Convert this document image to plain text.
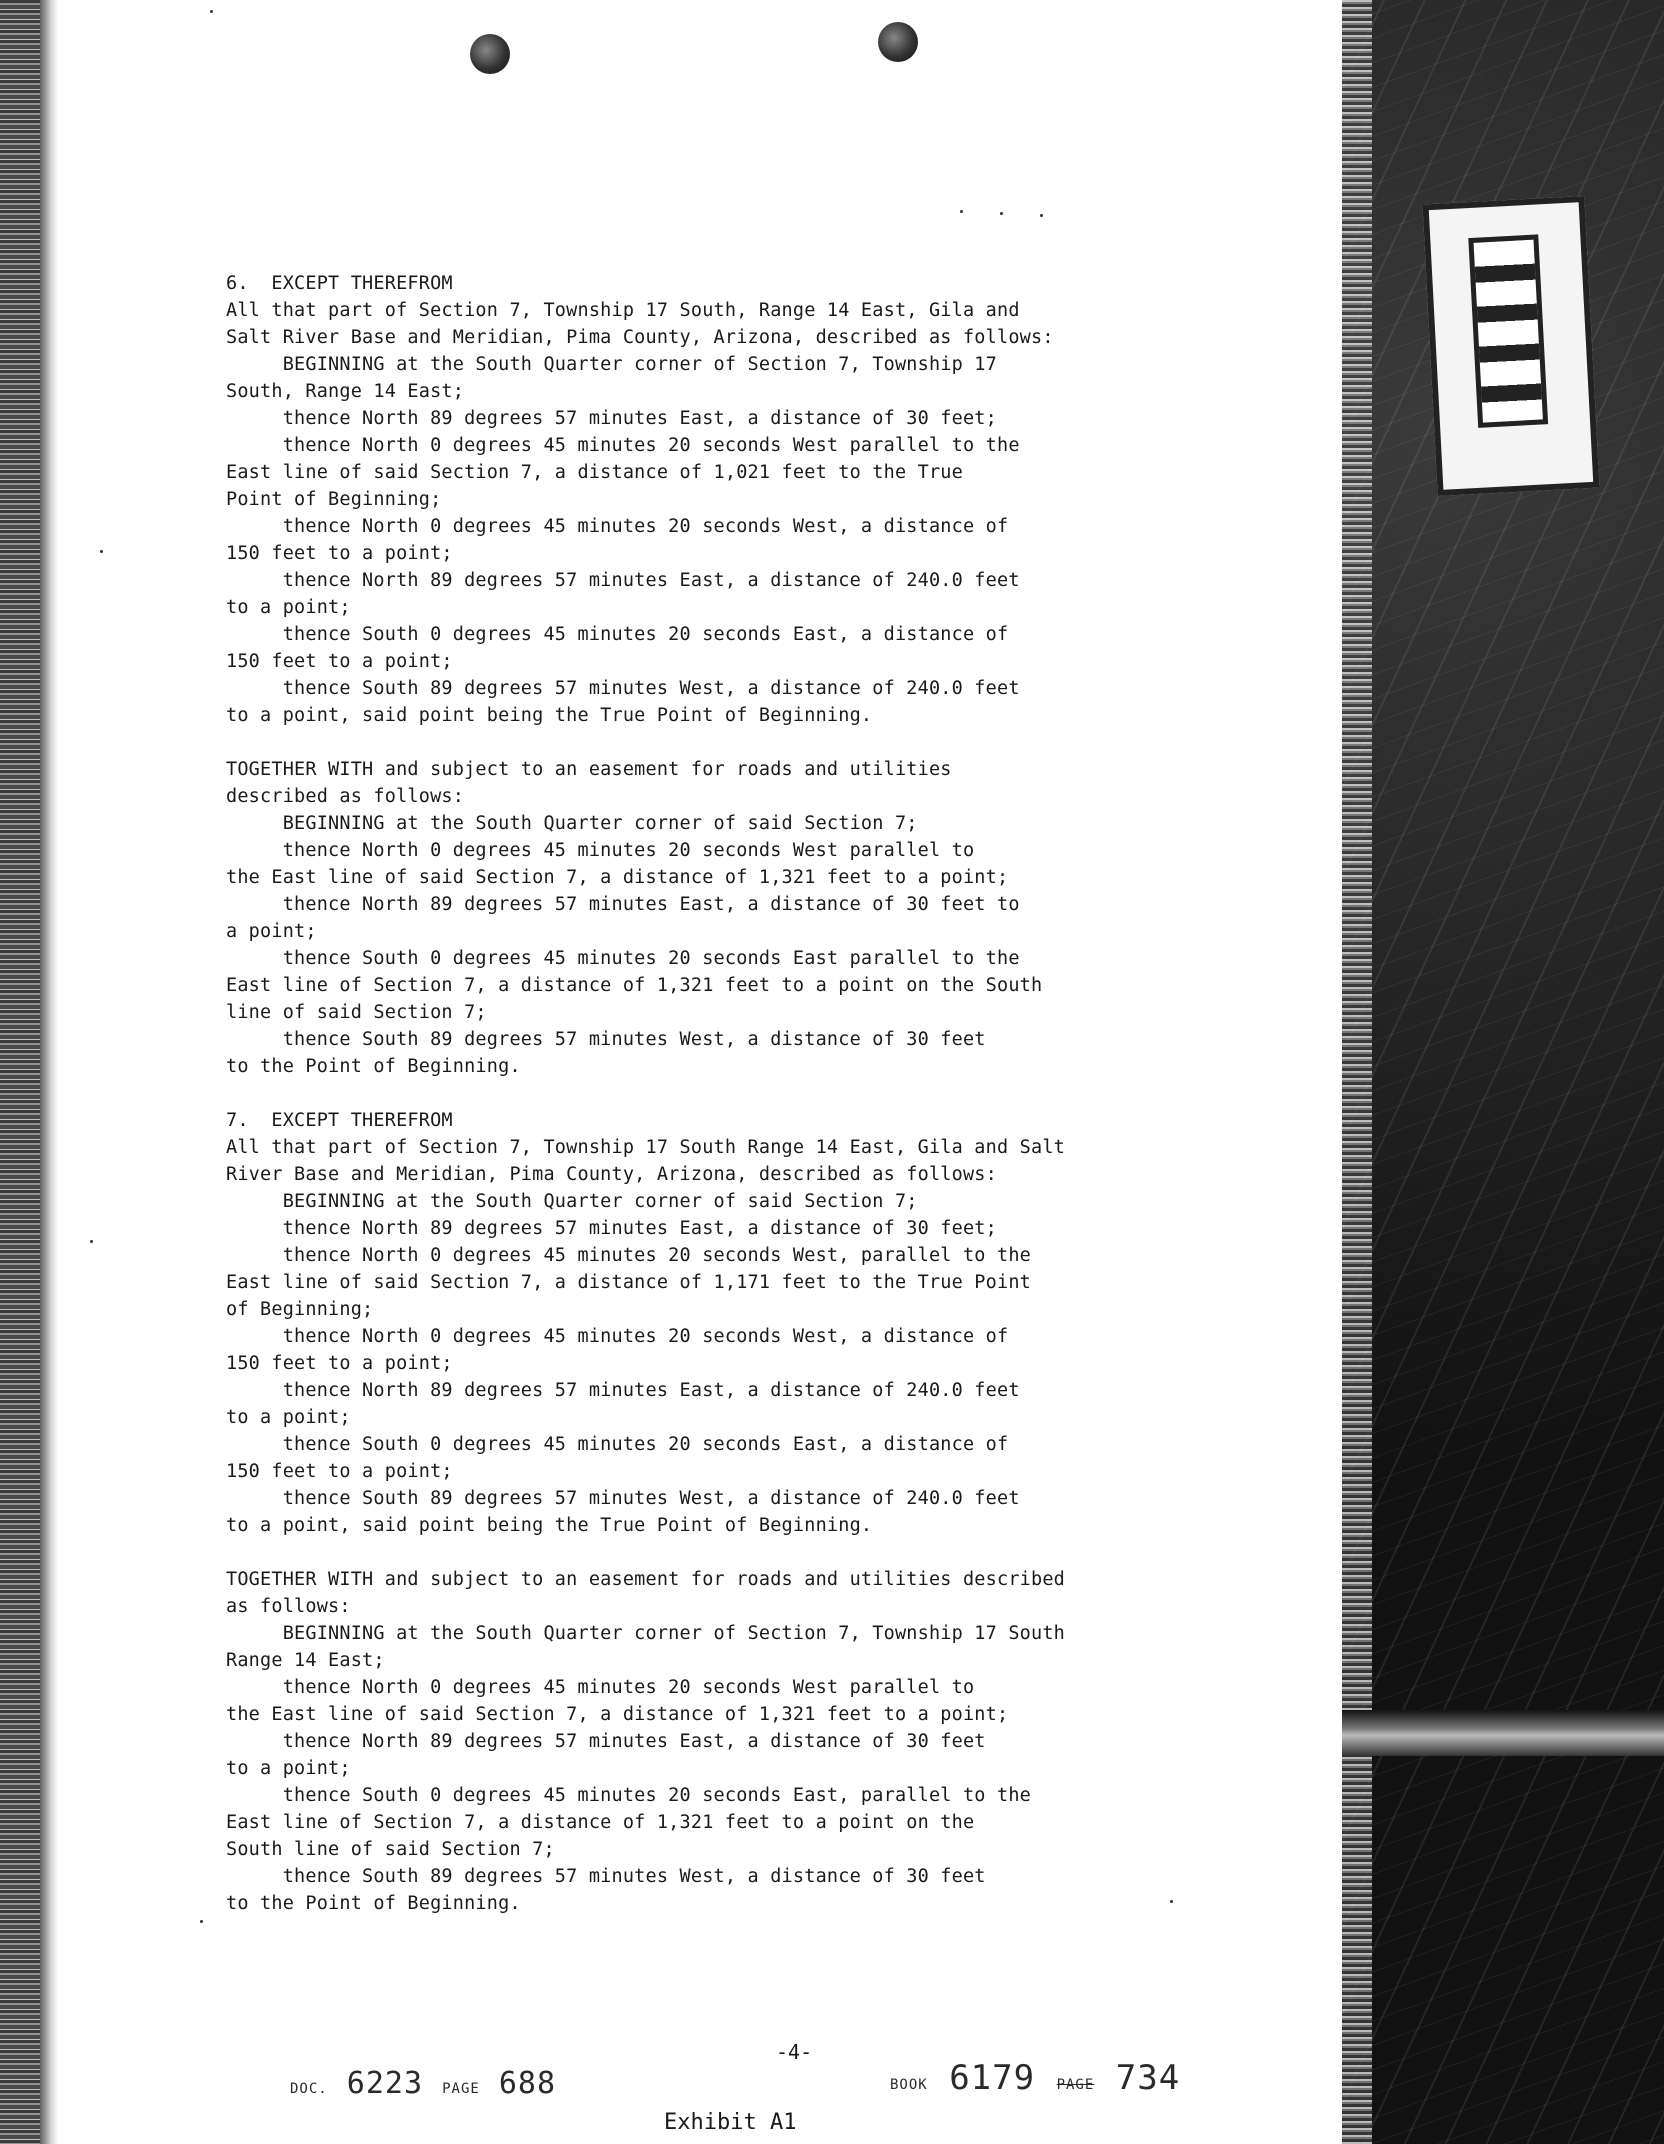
6.  EXCEPT THEREFROM
All that part of Section 7, Township 17 South, Range 14 East, Gila and
Salt River Base and Meridian, Pima County, Arizona, described as follows:
BEGINNING at the South Quarter corner of Section 7, Township 17
South, Range 14 East;
thence North 89 degrees 57 minutes East, a distance of 30 feet;
thence North 0 degrees 45 minutes 20 seconds West parallel to the
East line of said Section 7, a distance of 1,021 feet to the True
Point of Beginning;
thence North 0 degrees 45 minutes 20 seconds West, a distance of
150 feet to a point;
thence North 89 degrees 57 minutes East, a distance of 240.0 feet
to a point;
thence South 0 degrees 45 minutes 20 seconds East, a distance of
150 feet to a point;
thence South 89 degrees 57 minutes West, a distance of 240.0 feet
to a point, said point being the True Point of Beginning.
TOGETHER WITH and subject to an easement for roads and utilities
described as follows:
BEGINNING at the South Quarter corner of said Section 7;
thence North 0 degrees 45 minutes 20 seconds West parallel to
the East line of said Section 7, a distance of 1,321 feet to a point;
thence North 89 degrees 57 minutes East, a distance of 30 feet to
a point;
thence South 0 degrees 45 minutes 20 seconds East parallel to the
East line of Section 7, a distance of 1,321 feet to a point on the South
line of said Section 7;
thence South 89 degrees 57 minutes West, a distance of 30 feet
to the Point of Beginning.
7.  EXCEPT THEREFROM
All that part of Section 7, Township 17 South Range 14 East, Gila and Salt
River Base and Meridian, Pima County, Arizona, described as follows:
BEGINNING at the South Quarter corner of said Section 7;
thence North 89 degrees 57 minutes East, a distance of 30 feet;
thence North 0 degrees 45 minutes 20 seconds West, parallel to the
East line of said Section 7, a distance of 1,171 feet to the True Point
of Beginning;
thence North 0 degrees 45 minutes 20 seconds West, a distance of
150 feet to a point;
thence North 89 degrees 57 minutes East, a distance of 240.0 feet
to a point;
thence South 0 degrees 45 minutes 20 seconds East, a distance of
150 feet to a point;
thence South 89 degrees 57 minutes West, a distance of 240.0 feet
to a point, said point being the True Point of Beginning.
TOGETHER WITH and subject to an easement for roads and utilities described
as follows:
BEGINNING at the South Quarter corner of Section 7, Township 17 South
Range 14 East;
thence North 0 degrees 45 minutes 20 seconds West parallel to
the East line of said Section 7, a distance of 1,321 feet to a point;
thence North 89 degrees 57 minutes East, a distance of 30 feet
to a point;
thence South 0 degrees 45 minutes 20 seconds East, parallel to the
East line of Section 7, a distance of 1,321 feet to a point on the
South line of said Section 7;
thence South 89 degrees 57 minutes West, a distance of 30 feet
to the Point of Beginning.
-4-
DOC. 6223 PAGE 688	BOOK 6179 PAGE 734
Exhibit A1
